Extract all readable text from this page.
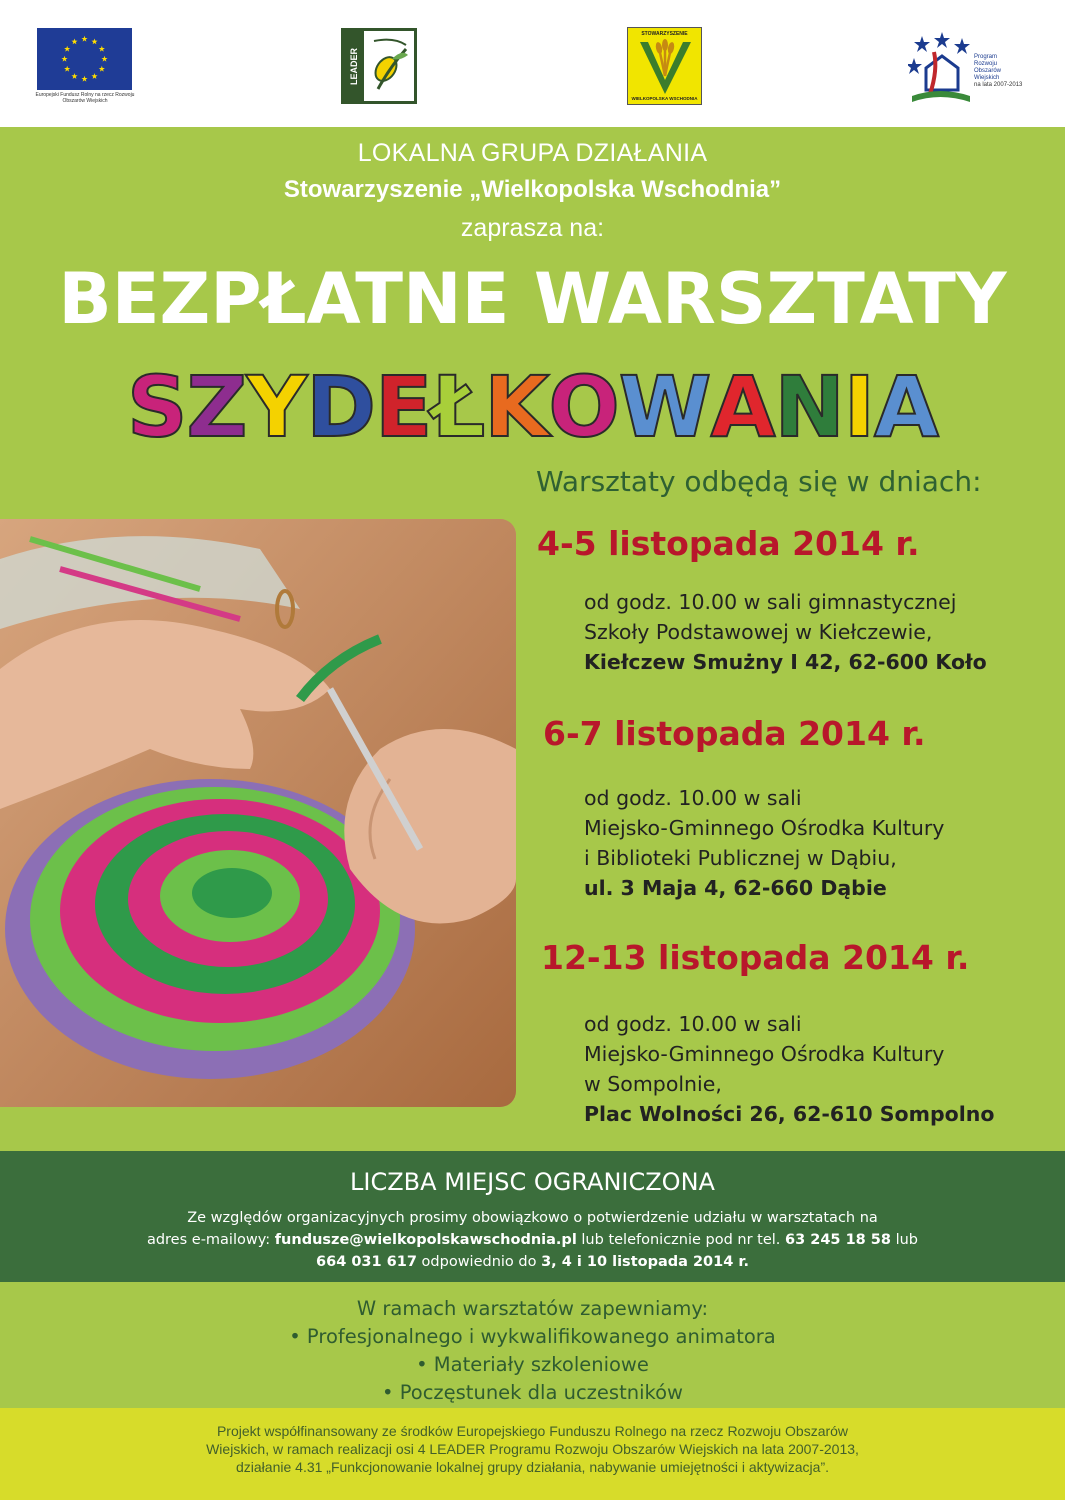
Europejski Fundusz Rolny na rzecz Rozwoju Obszarów Wiejskich
LEADER
STOWARZYSZENIE
WIELKOPOLSKA WSCHODNIA
Program
Rozwoju
Obszarów
Wiejskich
na lata 2007-2013
LOKALNA GRUPA DZIAŁANIA
Stowarzyszenie „Wielkopolska Wschodnia”
zaprasza na:
BEZPŁATNE WARSZTATY
SZYDEŁKOWANIA
Warsztaty odbędą się w dniach:
4-5 listopada 2014 r.
od godz. 10.00 w sali gimnastycznej
Szkoły Podstawowej w Kiełczewie,
Kiełczew Smużny I 42, 62-600 Koło
6-7 listopada 2014 r.
od godz. 10.00 w sali
Miejsko-Gminnego Ośrodka Kultury
i Biblioteki Publicznej w Dąbiu,
ul. 3 Maja 4, 62-660 Dąbie
12-13 listopada 2014 r.
od godz. 10.00 w sali
Miejsko-Gminnego Ośrodka Kultury
w Sompolnie,
Plac Wolności 26, 62-610 Sompolno
LICZBA MIEJSC OGRANICZONA
Ze względów organizacyjnych prosimy obowiązkowo o potwierdzenie udziału w warsztatach na
adres e-mailowy: fundusze@wielkopolskawschodnia.pl lub telefonicznie pod nr tel. 63 245 18 58 lub
664 031 617 odpowiednio do 3, 4 i 10 listopada 2014 r.
W ramach warsztatów zapewniamy:
• Profesjonalnego i wykwalifikowanego animatora
• Materiały szkoleniowe
• Poczęstunek dla uczestników
Projekt współfinansowany ze środków Europejskiego Funduszu Rolnego na rzecz Rozwoju Obszarów
Wiejskich, w ramach realizacji osi 4 LEADER Programu Rozwoju Obszarów Wiejskich na lata 2007-2013,
działanie 4.31 „Funkcjonowanie lokalnej grupy działania, nabywanie umiejętności i aktywizacja”.
